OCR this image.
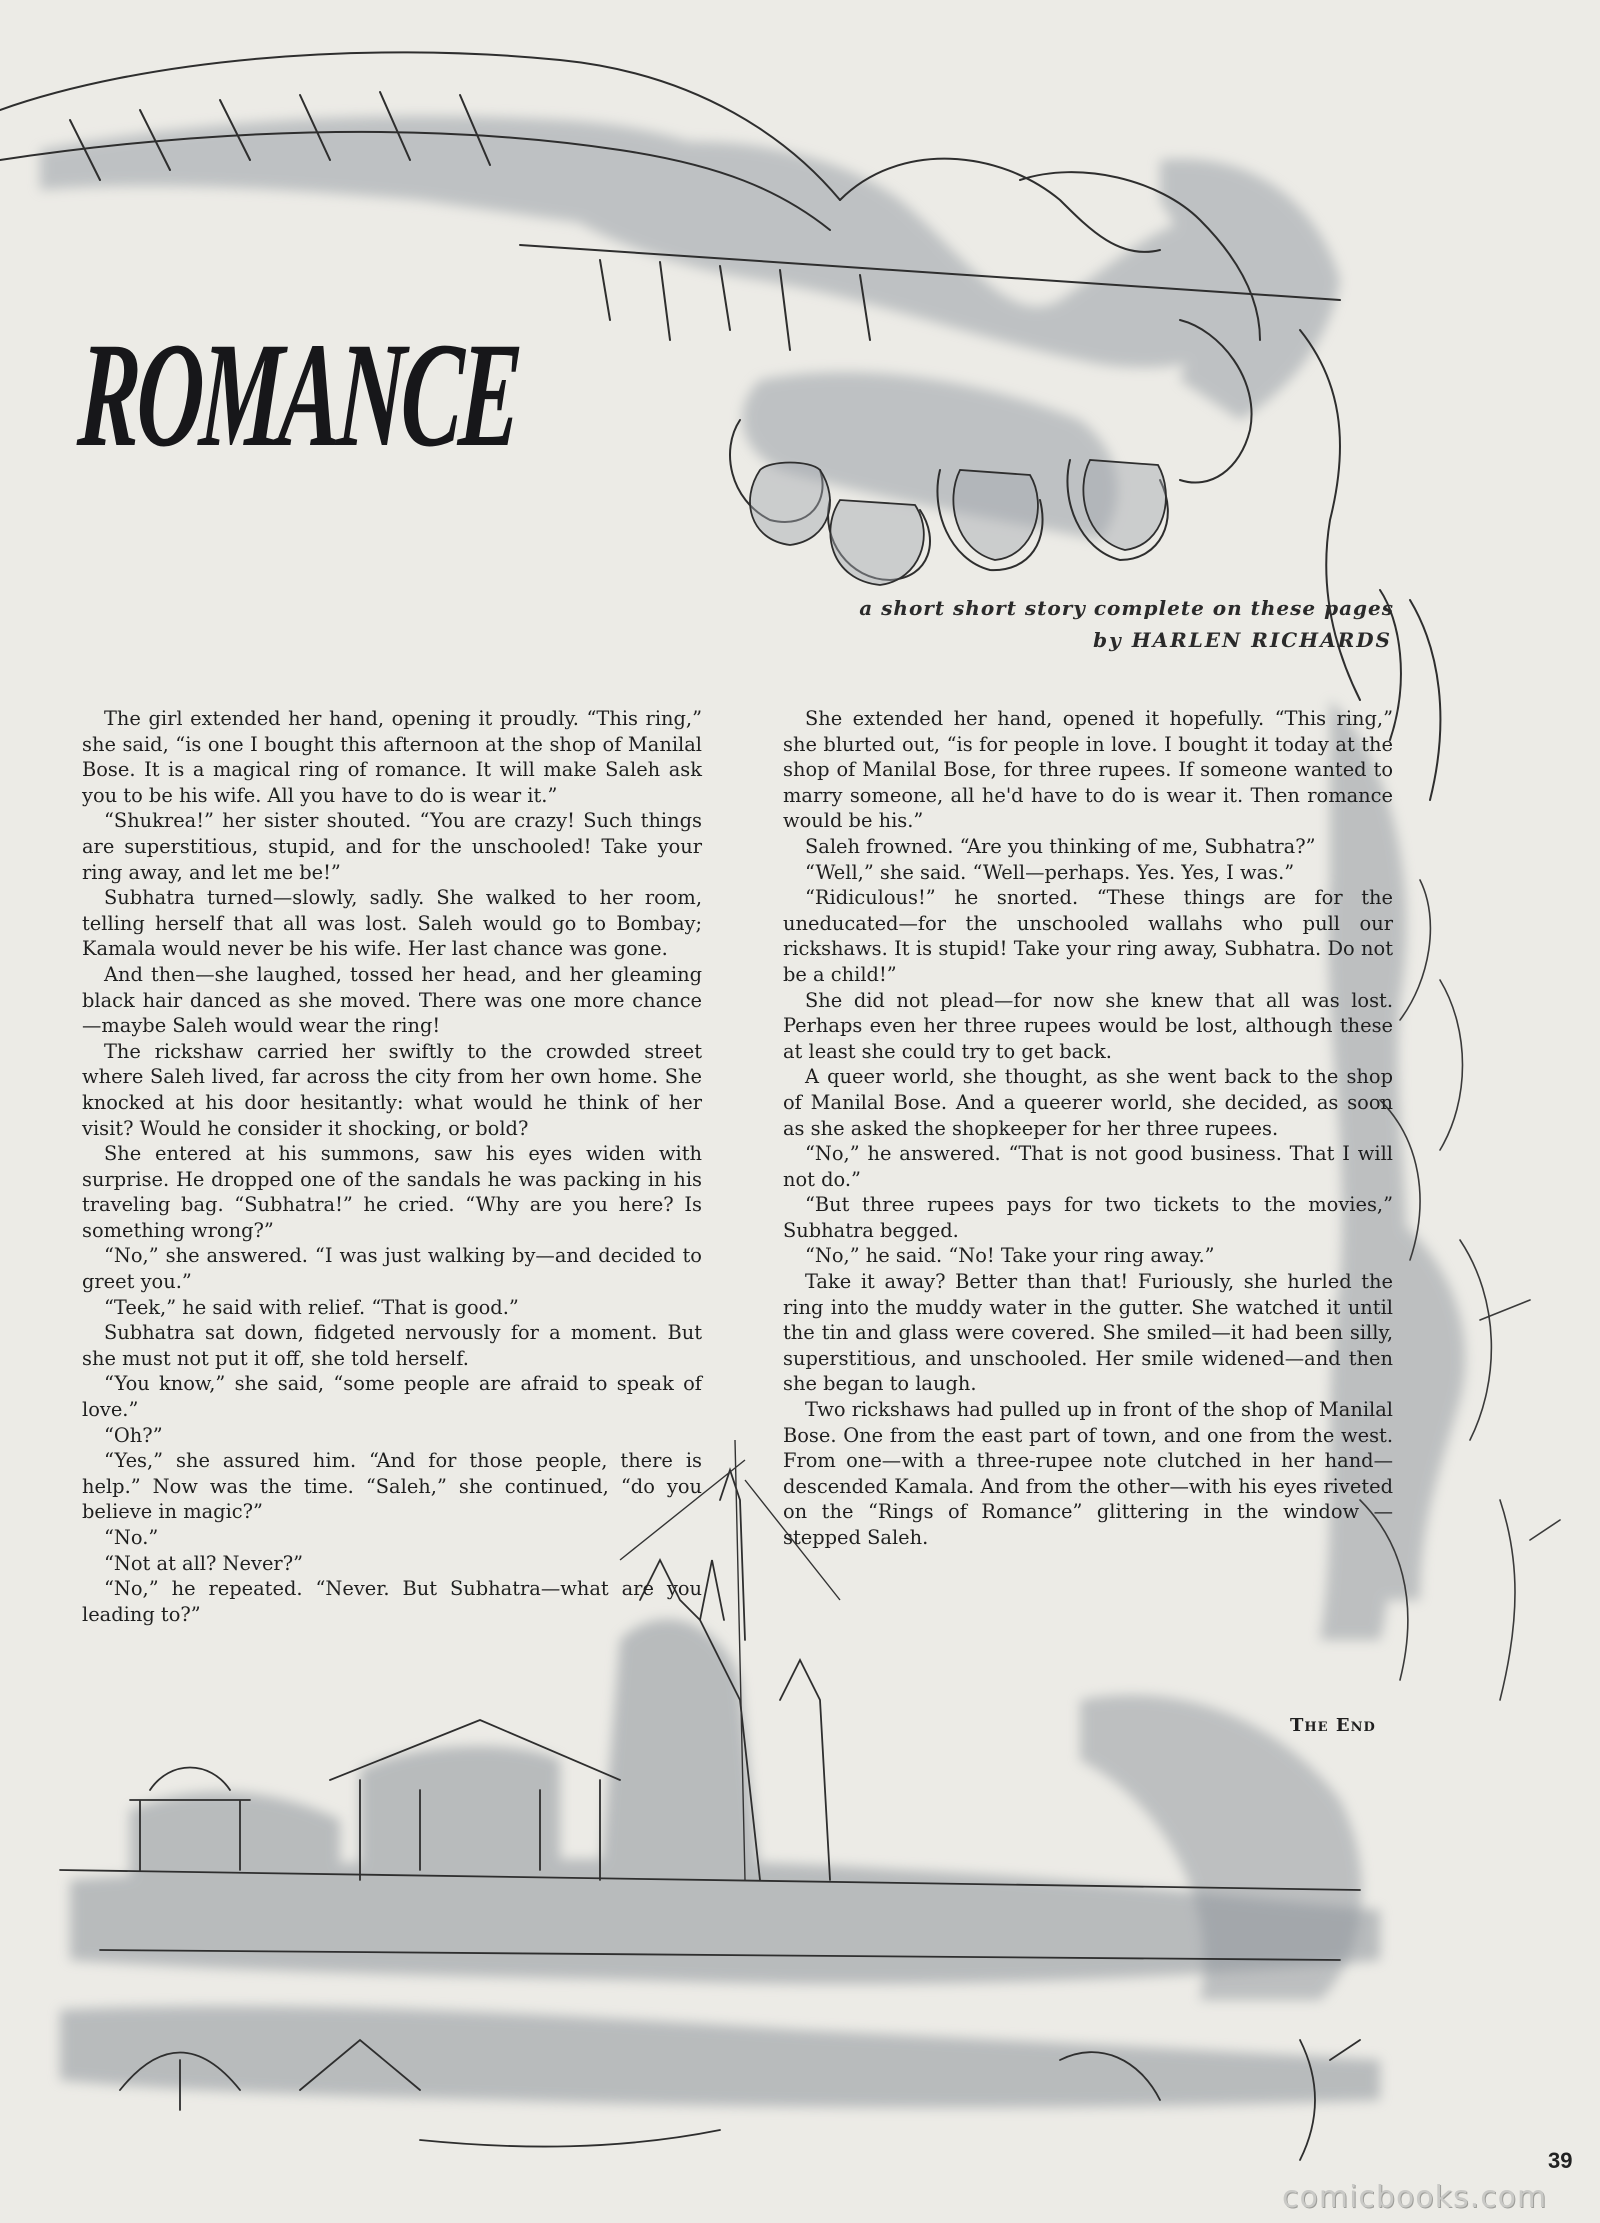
ROMANCE

a short short story complete on these pages

by HARLEN RICHARDS

The girl extended her hand, opening it proudly. “This ring,” she said, “is one I bought this afternoon at the shop of Manilal Bose. It is a magical ring of romance. It will make Saleh ask you to be his wife. All you have to do is wear it.”

“Shukrea!” her sister shouted. “You are crazy! Such things are superstitious, stupid, and for the unschooled! Take your ring away, and let me be!”

Subhatra turned—slowly, sadly. She walked to her room, telling herself that all was lost. Saleh would go to Bombay; Kamala would never be his wife. Her last chance was gone.

And then—she laughed, tossed her head, and her gleaming black hair danced as she moved. There was one more chance—maybe Saleh would wear the ring!

The rickshaw carried her swiftly to the crowded street where Saleh lived, far across the city from her own home. She knocked at his door hesitantly: what would he think of her visit? Would he consider it shocking, or bold?

She entered at his summons, saw his eyes widen with surprise. He dropped one of the sandals he was packing in his traveling bag. “Subhatra!” he cried. “Why are you here? Is something wrong?”

“No,” she answered. “I was just walking by—and decided to greet you.”

“Teek,” he said with relief. “That is good.”

Subhatra sat down, fidgeted nervously for a moment. But she must not put it off, she told herself.

“You know,” she said, “some people are afraid to speak of love.”

“Oh?”

“Yes,” she assured him. “And for those people, there is help.” Now was the time. “Saleh,” she continued, “do you believe in magic?”

“No.”

“Not at all? Never?”

“No,” he repeated. “Never. But Subhatra—what are you leading to?”

She extended her hand, opened it hopefully. “This ring,” she blurted out, “is for people in love. I bought it today at the shop of Manilal Bose, for three rupees. If someone wanted to marry someone, all he'd have to do is wear it. Then romance would be his.”

Saleh frowned. “Are you thinking of me, Subhatra?”

“Well,” she said. “Well—perhaps. Yes. Yes, I was.”

“Ridiculous!” he snorted. “These things are for the uneducated—for the unschooled wallahs who pull our rickshaws. It is stupid! Take your ring away, Subhatra. Do not be a child!”

She did not plead—for now she knew that all was lost. Perhaps even her three rupees would be lost, although these at least she could try to get back.

A queer world, she thought, as she went back to the shop of Manilal Bose. And a queerer world, she decided, as soon as she asked the shopkeeper for her three rupees.

“No,” he answered. “That is not good business. That I will not do.”

“But three rupees pays for two tickets to the movies,” Subhatra begged.

“No,” he said. “No! Take your ring away.”

Take it away? Better than that! Furiously, she hurled the ring into the muddy water in the gutter. She watched it until the tin and glass were covered. She smiled—it had been silly, superstitious, and unschooled. Her smile widened—and then she began to laugh.

Two rickshaws had pulled up in front of the shop of Manilal Bose. One from the east part of town, and one from the west. From one—with a three-rupee note clutched in her hand—descended Kamala. And from the other—with his eyes riveted on the “Rings of Romance” glittering in the window —stepped Saleh.

The End
39
comicbooks.com
